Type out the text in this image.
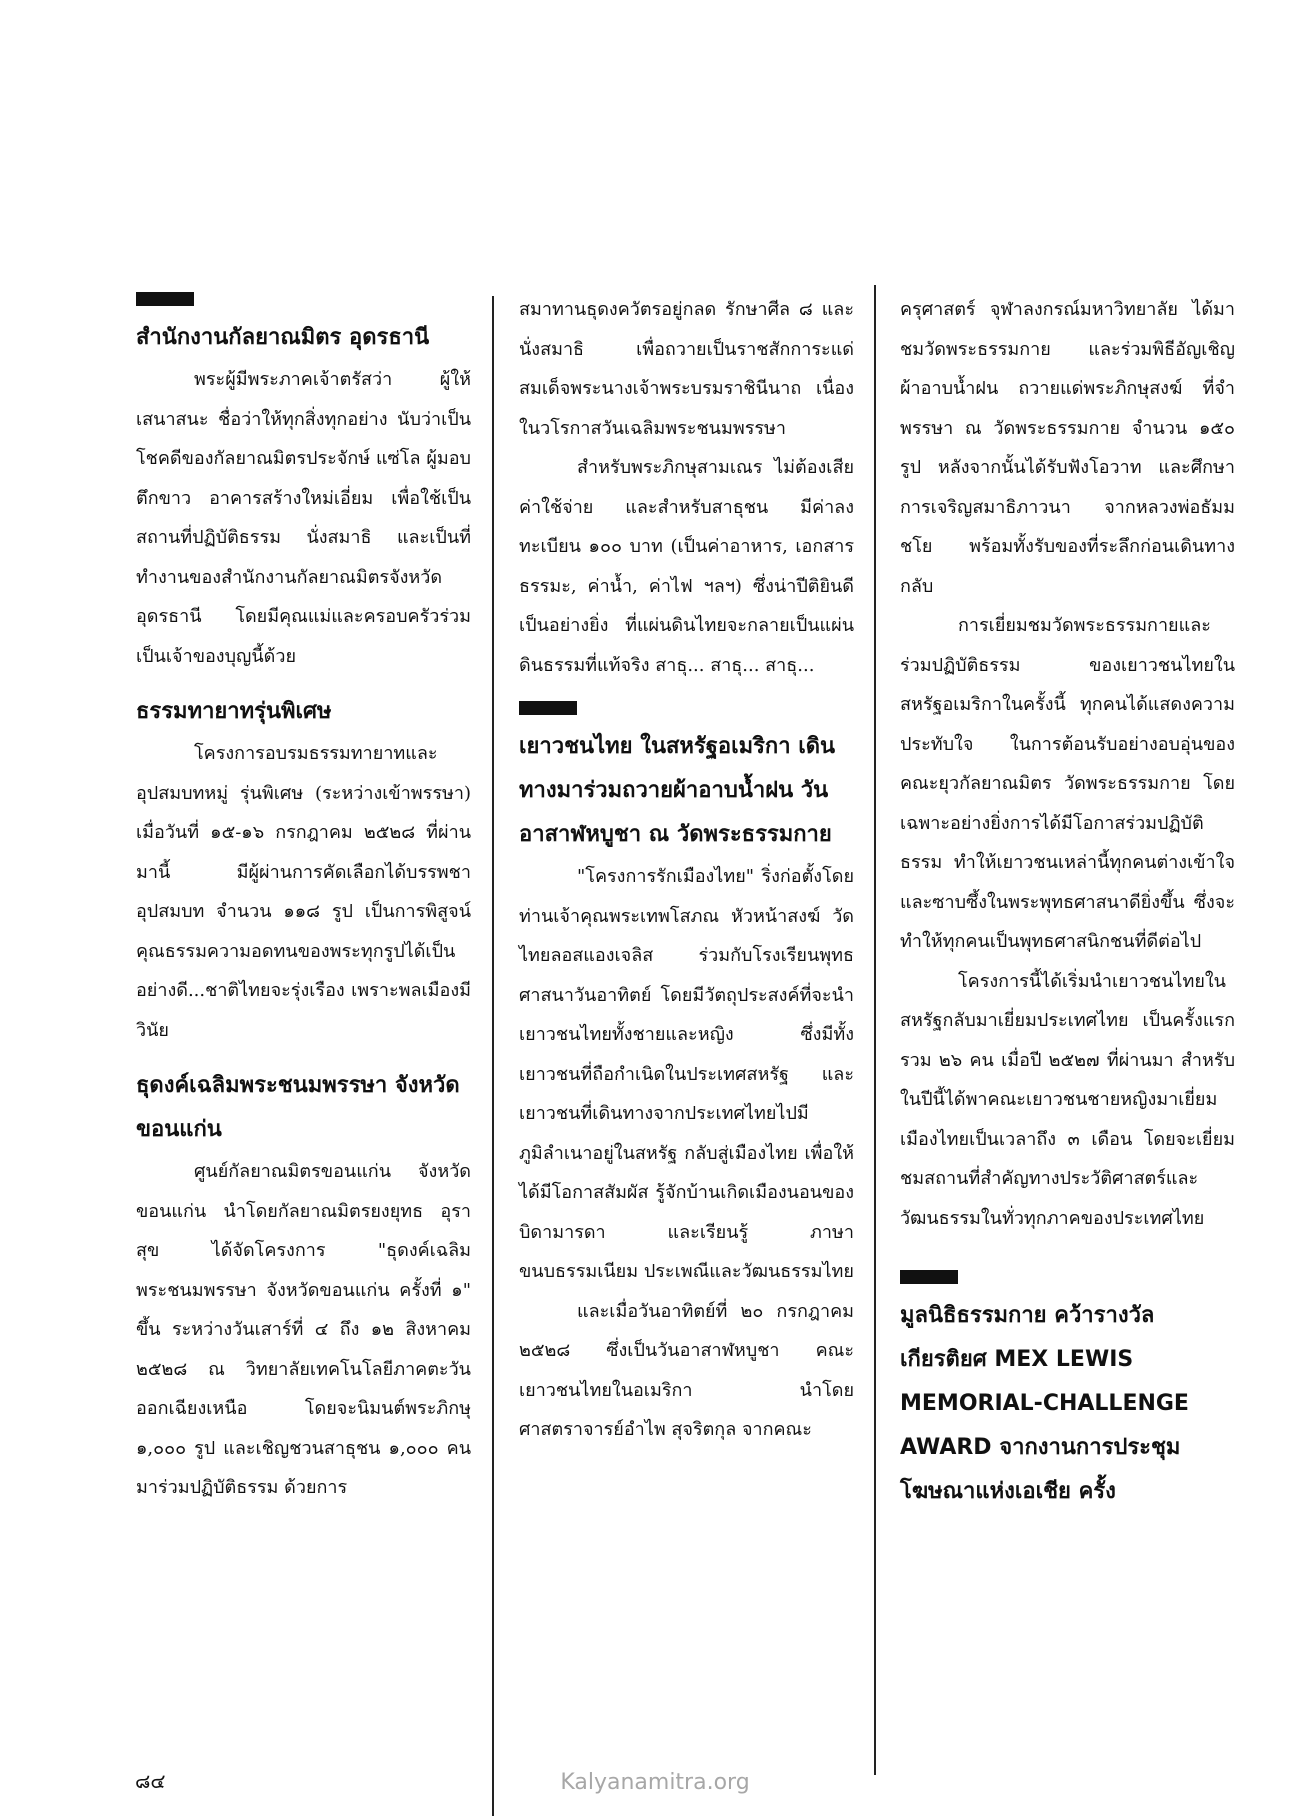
สำนักงานกัลยาณมิตร อุดรธานี

พระผู้มีพระภาคเจ้าตรัสว่า ผู้ให้เสนาสนะ ชื่อว่าให้ทุกสิ่งทุกอย่าง นับว่าเป็นโชคดีของกัลยาณมิตรประจักษ์ แซ่โล ผู้มอบตึกขาว อาคารสร้างใหม่เอี่ยม เพื่อใช้เป็นสถานที่ปฏิบัติธรรม นั่งสมาธิ และเป็นที่ทำงานของสำนักงานกัลยาณมิตรจังหวัดอุดรธานี โดยมีคุณแม่และครอบครัวร่วมเป็นเจ้าของบุญนี้ด้วย

ธรรมทายาทรุ่นพิเศษ

โครงการอบรมธรรมทายาทและอุปสมบทหมู่ รุ่นพิเศษ (ระหว่างเข้าพรรษา) เมื่อวันที่ ๑๕-๑๖ กรกฎาคม ๒๕๒๘ ที่ผ่านมานี้ มีผู้ผ่านการคัดเลือกได้บรรพชาอุปสมบท จำนวน ๑๑๘ รูป เป็นการพิสูจน์คุณธรรมความอดทนของพระทุกรูปได้เป็นอย่างดี...ชาติไทยจะรุ่งเรือง เพราะพลเมืองมีวินัย

ธุดงค์เฉลิมพระชนมพรรษา จังหวัดขอนแก่น

ศูนย์กัลยาณมิตรขอนแก่น จังหวัดขอนแก่น นำโดยกัลยาณมิตรยงยุทธ อุราสุข ได้จัดโครงการ "ธุดงค์เฉลิมพระชนมพรรษา จังหวัดขอนแก่น ครั้งที่ ๑" ขึ้น ระหว่างวันเสาร์ที่ ๔ ถึง ๑๒ สิงหาคม ๒๕๒๘ ณ วิทยาลัยเทคโนโลยีภาคตะวันออกเฉียงเหนือ โดยจะนิมนต์พระภิกษุ ๑,๐๐๐ รูป และเชิญชวนสาธุชน ๑,๐๐๐ คน มาร่วมปฏิบัติธรรม ด้วยการ

สมาทานธุดงควัตรอยู่กลด รักษาศีล ๘ และนั่งสมาธิ เพื่อถวายเป็นราชสักการะแด่สมเด็จพระนางเจ้าพระบรมราชินีนาถ เนื่องในวโรกาสวันเฉลิมพระชนมพรรษา

สำหรับพระภิกษุสามเณร ไม่ต้องเสียค่าใช้จ่าย และสำหรับสาธุชน มีค่าลงทะเบียน ๑๐๐ บาท (เป็นค่าอาหาร, เอกสารธรรมะ, ค่าน้ำ, ค่าไฟ ฯลฯ) ซึ่งน่าปีติยินดีเป็นอย่างยิ่ง ที่แผ่นดินไทยจะกลายเป็นแผ่นดินธรรมที่แท้จริง สาธุ... สาธุ... สาธุ...

เยาวชนไทย ในสหรัฐอเมริกา เดินทางมาร่วมถวายผ้าอาบน้ำฝน วันอาสาฬหบูชา ณ วัดพระธรรมกาย

"โครงการรักเมืองไทย" ริ่งก่อตั้งโดย ท่านเจ้าคุณพระเทพโสภณ หัวหน้าสงฆ์ วัดไทยลอสแองเจลิส ร่วมกับโรงเรียนพุทธศาสนาวันอาทิตย์ โดยมีวัตถุประสงค์ที่จะนำเยาวชนไทยทั้งชายและหญิง ซึ่งมีทั้งเยาวชนที่ถือกำเนิดในประเทศสหรัฐ และเยาวชนที่เดินทางจากประเทศไทยไปมีภูมิลำเนาอยู่ในสหรัฐ กลับสู่เมืองไทย เพื่อให้ได้มีโอกาสสัมผัส รู้จักบ้านเกิดเมืองนอนของบิดามารดา และเรียนรู้ ภาษา ขนบธรรมเนียม ประเพณีและวัฒนธรรมไทย

และเมื่อวันอาทิตย์ที่ ๒๐ กรกฎาคม ๒๕๒๘ ซึ่งเป็นวันอาสาฬหบูชา คณะเยาวชนไทยในอเมริกา นำโดยศาสตราจารย์อำไพ สุจริตกุล จากคณะ

ครุศาสตร์ จุฬาลงกรณ์มหาวิทยาลัย ได้มาชมวัดพระธรรมกาย และร่วมพิธีอัญเชิญผ้าอาบน้ำฝน ถวายแด่พระภิกษุสงฆ์ ที่จำพรรษา ณ วัดพระธรรมกาย จำนวน ๑๕๐ รูป หลังจากนั้นได้รับฟังโอวาท และศึกษาการเจริญสมาธิภาวนา จากหลวงพ่อธัมมชโย พร้อมทั้งรับของที่ระลึกก่อนเดินทางกลับ

การเยี่ยมชมวัดพระธรรมกายและร่วมปฏิบัติธรรม ของเยาวชนไทยในสหรัฐอเมริกาในครั้งนี้ ทุกคนได้แสดงความประทับใจ ในการต้อนรับอย่างอบอุ่นของคณะยุวกัลยาณมิตร วัดพระธรรมกาย โดยเฉพาะอย่างยิ่งการได้มีโอกาสร่วมปฏิบัติธรรม ทำให้เยาวชนเหล่านี้ทุกคนต่างเข้าใจและซาบซึ้งในพระพุทธศาสนาดียิ่งขึ้น ซึ่งจะทำให้ทุกคนเป็นพุทธศาสนิกชนที่ดีต่อไป

โครงการนี้ได้เริ่มนำเยาวชนไทยในสหรัฐกลับมาเยี่ยมประเทศไทย เป็นครั้งแรก รวม ๒๖ คน เมื่อปี ๒๕๒๗ ที่ผ่านมา สำหรับในปีนี้ได้พาคณะเยาวชนชายหญิงมาเยี่ยมเมืองไทยเป็นเวลาถึง ๓ เดือน โดยจะเยี่ยมชมสถานที่สำคัญทางประวัติศาสตร์และวัฒนธรรมในทั่วทุกภาคของประเทศไทย

มูลนิธิธรรมกาย คว้ารางวัลเกียรติยศ MEX LEWIS MEMORIAL-CHALLENGE AWARD จากงานการประชุมโฆษณาแห่งเอเชีย ครั้ง
๘๔	Kalyanamitra.org
